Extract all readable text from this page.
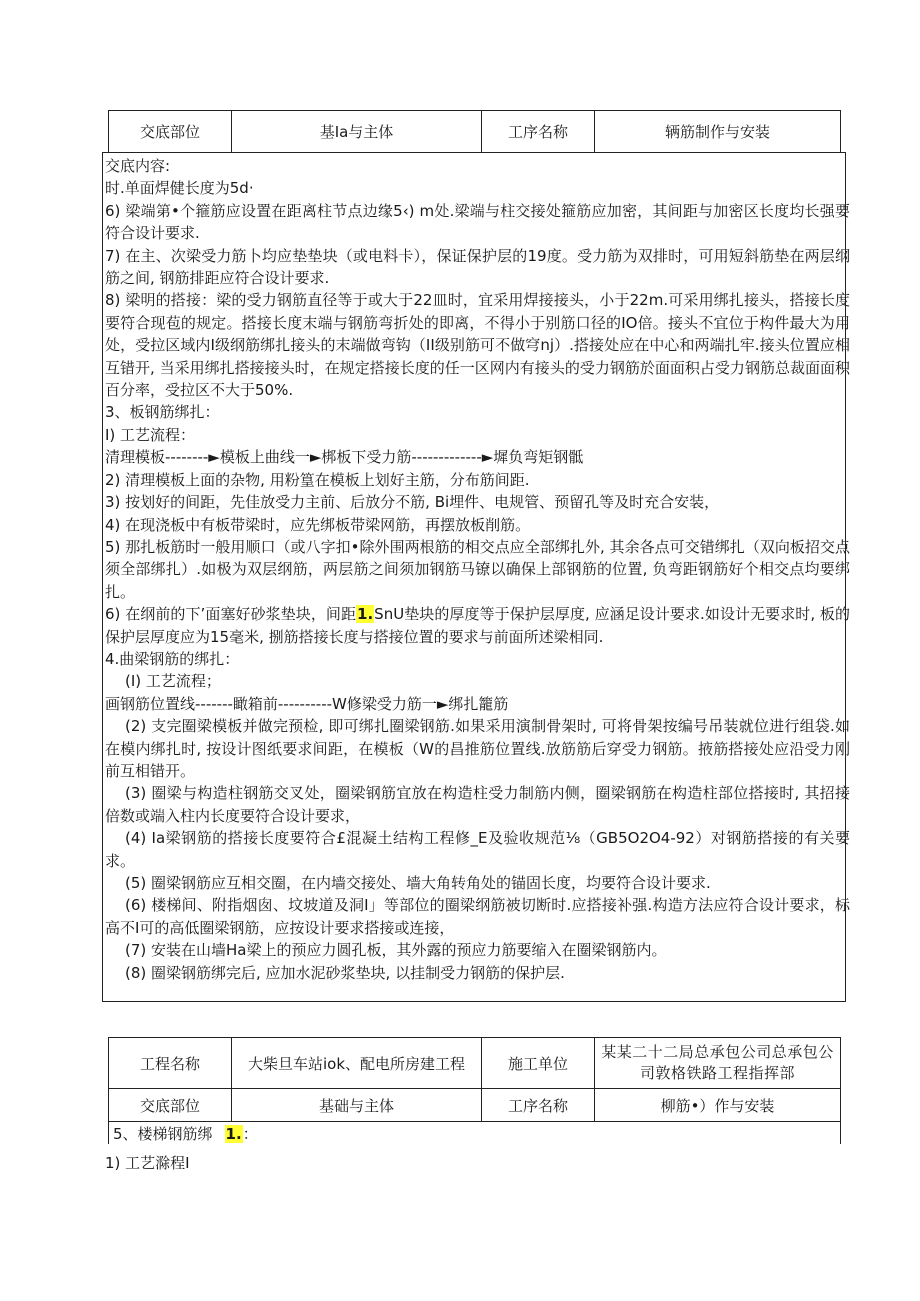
交底部位	基Ia与主体	工序名称	辆筋制作与安装

交底内容:

时.单面焊健长度为5d·

6) 梁端第•个箍筋应设置在距离柱节点边缘5‹) m处.梁端与柱交接处箍筋应加密，其间距与加密区长度均长强要符合设计要求.

7) 在主、次梁受力筋卜均应垫垫块（或电料卡），保证保护层的19度。受力筋为双排时，可用短斜筋垫在两层纲筋之间, 钢筋排距应符合设计要求.

8) 梁明的搭接：梁的受力钢筋直径等于或大于22皿时，宜采用焊接接头，小于22m.可采用绑扎接头，搭接长度要符合现苞的规定。搭接长度末端与钢筋弯折处的即离，不得小于别筋口径的IO倍。接头不宜位于构件最大为用处，受拉区域内I级纲筋绑扎接头的末端做弯钩（II级别筋可不做穹nj）.搭接处应在中心和两端扎牢.接头位置应相互错开, 当采用绑扎搭接接头时，在规定搭接长度的任一区网内有接头的受力钢筋於面面积占受力钢筋总裁面面积百分率，受拉区不大于50%.

3、板钢筋绑扎：

I) 工艺流程：

清理模板--------►模板上曲线一►梆板下受力筋-------------►墀负弯矩钢骶

2) 清理模板上面的杂物, 用粉篁在模板上划好主筋，分布筋间距.

3) 按划好的间距，先佳放受力主前、后放分不筋, Bi埋件、电规管、预留孔等及时充合安装，

4) 在现浇板中有板带梁时，应先绑板带梁网筋，再摆放板削筋。

5) 那扎板筋时一般用顺口（或八字扣•除外围两根筋的相交点应全部绑扎外, 其余各点可交错绑扎（双向板招交点须全部绑扎）.如极为双层纲筋，两层筋之间须加钢筋马镣以确保上部钢筋的位置, 负弯距钢筋好个相交点均要绑扎。

6) 在纲前的下’面塞好砂浆垫块，间距1.SnU垫块的厚度等于保护层厚度, 应涵足设计要求.如设计无要求时, 板的保护层厚度应为15毫米, 捌筋搭接长度与搭接位置的要求与前面所述梁相同.

4.曲梁钢筋的绑扎：

(I) 工艺流程；

画钢筋位置线-------瞰箱前----------W修梁受力筋一►绑扎籠筋

(2) 支完圈梁模板并做完预检, 即可绑扎圈梁钢筋.如果采用演制骨架时, 可将骨架按编号吊装就位进行组袋.如在模内绑扎时, 按设计图纸要求间距，在模板（W的昌推筋位置线.放筋筋后穿受力钢筋。掖筋搭接处应沿受力刚前互相错开。

(3) 圈梁与构造柱钢筋交叉处，圈梁钢筋宜放在构造柱受力制筋内侧，圈梁钢筋在构造柱部位搭接时, 其招接倍数或端入柱内长度要符合设计要求，

(4) Ia梁钢筋的搭接长度要符合£混凝土结构工程修_E及验收规范⅛（GB5O2O4-92）对钢筋搭接的有关要求。

(5) 圈梁钢筋应互相交圈，在内墙交接处、墙大角转角处的锚固长度，均要符合设计要求.

(6) 楼梯间、附指烟囱、坟坡道及洞I」等部位的圈梁纲筋被切断时.应搭接补强.构造方法应符合设计要求，标高不I可的高低圈梁钢筋，应按设计要求搭接或连接，

(7) 安装在山墙Ha梁上的预应力圆孔板，其外露的预应力筋要缩入在圈梁钢筋内。

(8) 圈梁钢筋绑完后, 应加水泥砂浆垫块, 以挂制受力钢筋的保护层.

工程名称	大柴旦车站iok、配电所房建工程	施工单位	某某二十二局总承包公司总承包公
司敦格铁路工程指挥部
交底部位	基础与主体	工序名称	柳筋•）作与安装
5、楼梯钢筋绑 1.：			
1) 工艺滁程I
